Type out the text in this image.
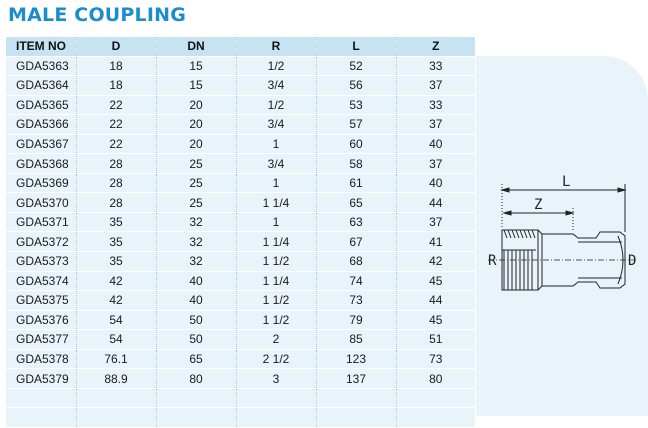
MALE COUPLING
ITEM NO	D	DN	R	L	Z
GDA5363	18	15	1/2	52	33
GDA5364	18	15	3/4	56	37
GDA5365	22	20	1/2	53	33
GDA5366	22	20	3/4	57	37
GDA5367	22	20	1	60	40
GDA5368	28	25	3/4	58	37
GDA5369	28	25	1	61	40
GDA5370	28	25	1 1/4	65	44
GDA5371	35	32	1	63	37
GDA5372	35	32	1 1/4	67	41
GDA5373	35	32	1 1/2	68	42
GDA5374	42	40	1 1/4	74	45
GDA5375	42	40	1 1/2	73	44
GDA5376	54	50	1 1/2	79	45
GDA5377	54	50	2	85	51
GDA5378	76.1	65	2 1/2	123	73
GDA5379	88.9	80	3	137	80

L
Z
R	D
